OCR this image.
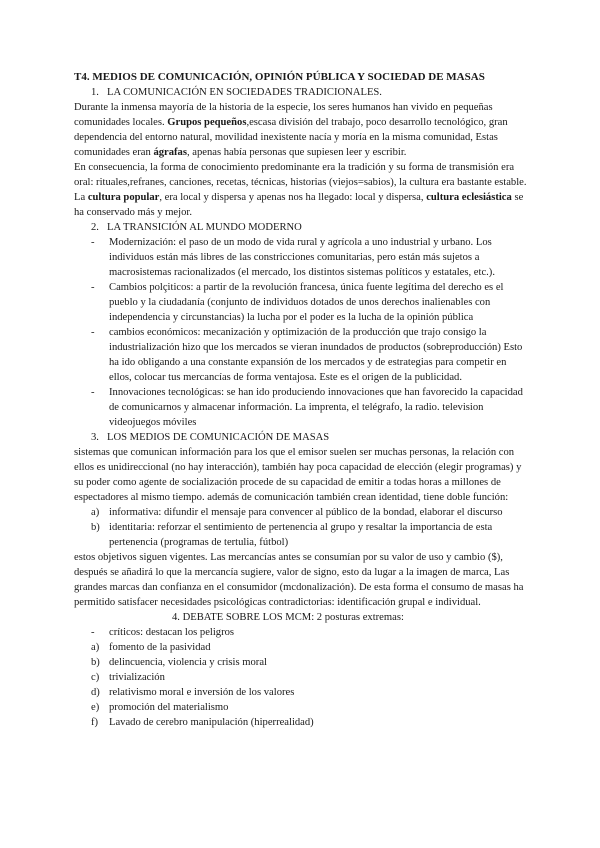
T4. MEDIOS DE COMUNICACIÓN, OPINIÓN PÚBLICA Y SOCIEDAD DE MASAS

1. LA COMUNICACIÓN EN SOCIEDADES TRADICIONALES.

Durante la inmensa mayoría de la historia de la especie, los seres humanos han vivido en pequeñas comunidades locales. Grupos pequeños,escasa división del trabajo, poco desarrollo tecnológico, gran dependencia del entorno natural, movilidad inexistente nacía y moría en la misma comunidad, Estas comunidades eran ágrafas, apenas había personas que supiesen leer y escribir.

En consecuencia, la forma de conocimiento predominante era la tradición y su forma de transmisión era oral: rituales,refranes, canciones, recetas, técnicas, historias (viejos=sabios), la cultura era bastante estable. La cultura popular, era local y dispersa y apenas nos ha llegado: local y dispersa, cultura eclesiástica se ha conservado más y mejor.

2. LA TRANSICIÓN AL MUNDO MODERNO

- Modernización: el paso de un modo de vida rural y agrícola a uno industrial y urbano. Los individuos están más libres de las constricciones comunitarias, pero están más sujetos a macrosistemas racionalizados (el mercado, los distintos sistemas políticos y estatales, etc.).
- Cambios polçiticos: a partir de la revolución francesa, única fuente legítima del derecho es el pueblo y la ciudadanía (conjunto de individuos dotados de unos derechos inalienables con independencia y circunstancias) la lucha por el poder es la lucha de la opinión pública
- cambios económicos: mecanización y optimización de la producción que trajo consigo la industrialización hizo que los mercados se vieran inundados de productos (sobreproducción) Esto ha ido obligando a una constante expansión de los mercados y de estrategias para competir en ellos, colocar tus mercancías de forma ventajosa. Este es el origen de la publicidad.
- Innovaciones tecnológicas: se han ido produciendo innovaciones que han favorecido la capacidad de comunicarnos y almacenar información. La imprenta, el telégrafo, la radio. television videojuegos móviles

3. LOS MEDIOS DE COMUNICACIÓN DE MASAS

sistemas que comunican información para los que el emisor suelen ser muchas personas, la relación con ellos es unidireccional (no hay interacción), también hay poca capacidad de elección (elegir programas) y su poder como agente de socialización procede de su capacidad de emitir a todas horas a millones de espectadores al mismo tiempo. además de comunicación también crean identidad, tiene doble función:

a) informativa: difundir el mensaje para convencer al público de la bondad, elaborar el discurso
b) identitaria: reforzar el sentimiento de pertenencia al grupo y resaltar la importancia de esta pertenencia (programas de tertulia, fútbol)

estos objetivos siguen vigentes. Las mercancías antes se consumían por su valor de uso y cambio ($), después se añadirá lo que la mercancía sugiere, valor de signo, esto da lugar a la imagen de marca, Las grandes marcas dan confianza en el consumidor (mcdonalización). De esta forma el consumo de masas ha permitido satisfacer necesidades psicológicas contradictorias: identificación grupal e individual.

4. DEBATE SOBRE LOS MCM: 2 posturas extremas:

- críticos: destacan los peligros

a) fomento de la pasividad
b) delincuencia, violencia y crisis moral
c) trivialización
d) relativismo moral e inversión de los valores
e) promoción del materialismo
f) Lavado de cerebro manipulación (hiperrealidad)
